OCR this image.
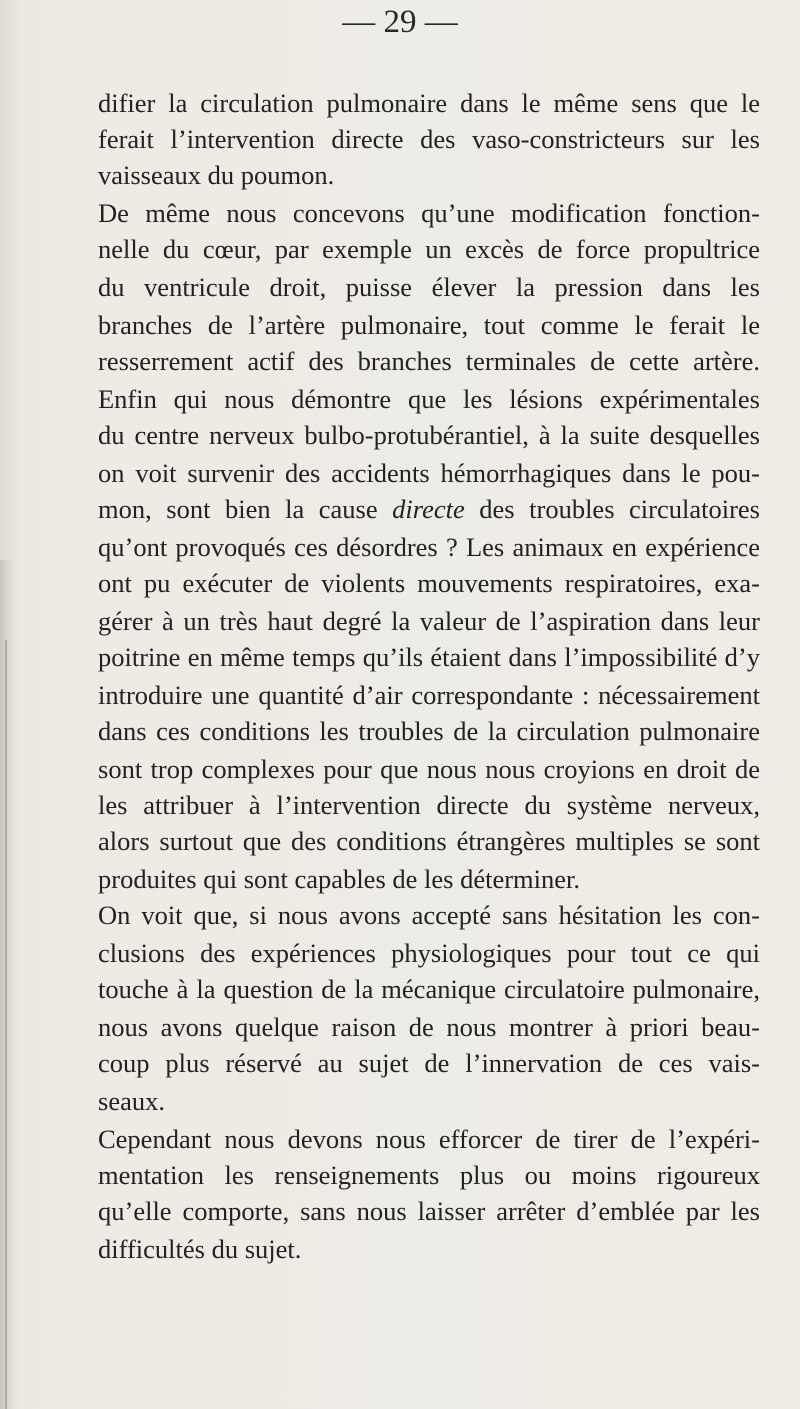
— 29 —
difier la circulation pulmonaire dans le même sens que le
ferait l’intervention directe des vaso-constricteurs sur les
vaisseaux du poumon.
De même nous concevons qu’une modification fonction-
nelle du cœur, par exemple un excès de force propultrice
du ventricule droit, puisse élever la pression dans les
branches de l’artère pulmonaire, tout comme le ferait le
resserrement actif des branches terminales de cette artère.
Enfin qui nous démontre que les lésions expérimentales
du centre nerveux bulbo-protubérantiel, à la suite desquelles
on voit survenir des accidents hémorrhagiques dans le pou-
mon, sont bien la cause directe des troubles circulatoires
qu’ont provoqués ces désordres ? Les animaux en expérience
ont pu exécuter de violents mouvements respiratoires, exa-
gérer à un très haut degré la valeur de l’aspiration dans leur
poitrine en même temps qu’ils étaient dans l’impossibilité d’y
introduire une quantité d’air correspondante : nécessairement
dans ces conditions les troubles de la circulation pulmonaire
sont trop complexes pour que nous nous croyions en droit de
les attribuer à l’intervention directe du système nerveux,
alors surtout que des conditions étrangères multiples se sont
produites qui sont capables de les déterminer.
On voit que, si nous avons accepté sans hésitation les con-
clusions des expériences physiologiques pour tout ce qui
touche à la question de la mécanique circulatoire pulmonaire,
nous avons quelque raison de nous montrer à priori beau-
coup plus réservé au sujet de l’innervation de ces vais-
seaux.
Cependant nous devons nous efforcer de tirer de l’expéri-
mentation les renseignements plus ou moins rigoureux
qu’elle comporte, sans nous laisser arrêter d’emblée par les
difficultés du sujet.
